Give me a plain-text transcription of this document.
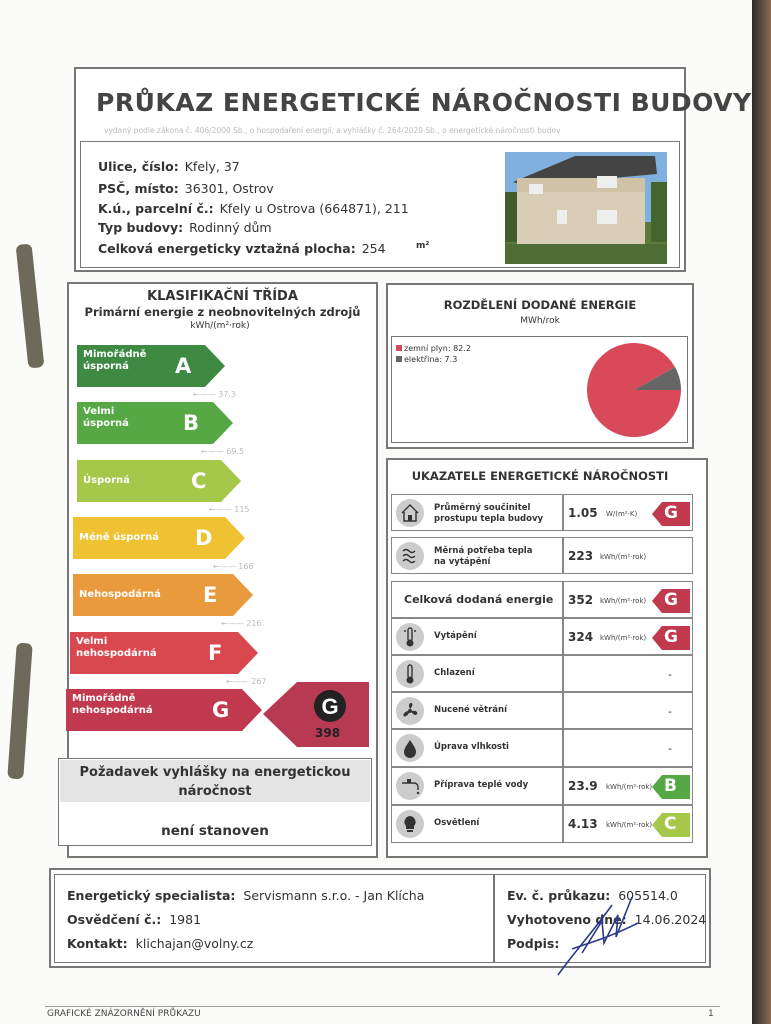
PRŮKAZ ENERGETICKÉ NÁROČNOSTI BUDOVY
vydaný podle zákona č. 406/2000 Sb., o hospodaření energií, a vyhlášky č. 264/2020 Sb., o energetické náročnosti budov
Ulice, číslo: Kfely, 37
PSČ, místo: 36301, Ostrov
K.ú., parcelní č.: Kfely u Ostrova (664871), 211
Typ budovy: Rodinný dům
Celková energeticky vztažná plocha: 254	m²
KLASIFIKAČNÍ TŘÍDA
Primární energie z neobnovitelných zdrojů
kWh/(m²·rok)
Mimořádně
úsporná	A
←—— 37.3
Velmi
úsporná	B
←—— 69.5
Úsporná	C
←—— 115
Méně úsporná D
←—— 166
Nehospodárná E
←—— 216
Velmi
nehospodárná F
←—— 267
Mimořádně
nehospodárná	G	G
398
Požadavek vyhlášky na energetickou
náročnost
není stanoven
ROZDĚLENÍ DODANÉ ENERGIE
MWh/rok
zemní plyn: 82.2
elektřina: 7.3
UKAZATELE ENERGETICKÉ NÁROČNOSTI
Průměrný součinitel
prostupu tepla budovy 1.05 W/(m²·K) G
Měrná potřeba tepla
na vytápění	223 kWh/(m²·rok)
Celková dodaná energie 352 kWh/(m²·rok) G
Vytápění	324 kWh/(m²·rok) G
Chlazení	-
Nucené větrání	-
Úprava vlhkosti	-
Příprava teplé vody	23.9 kWh/(m²·rok) B
Osvětlení	4.13 kWh/(m²·rok) C
Energetický specialista: Servismann s.r.o. - Jan Klícha
Osvědčení č.: 1981
Kontakt: klichajan@volny.cz
Ev. č. průkazu: 605514.0
Vyhotoveno dne: 14.06.2024
Podpis:
GRAFICKÉ ZNÁZORNĚNÍ PRŮKAZU	1
